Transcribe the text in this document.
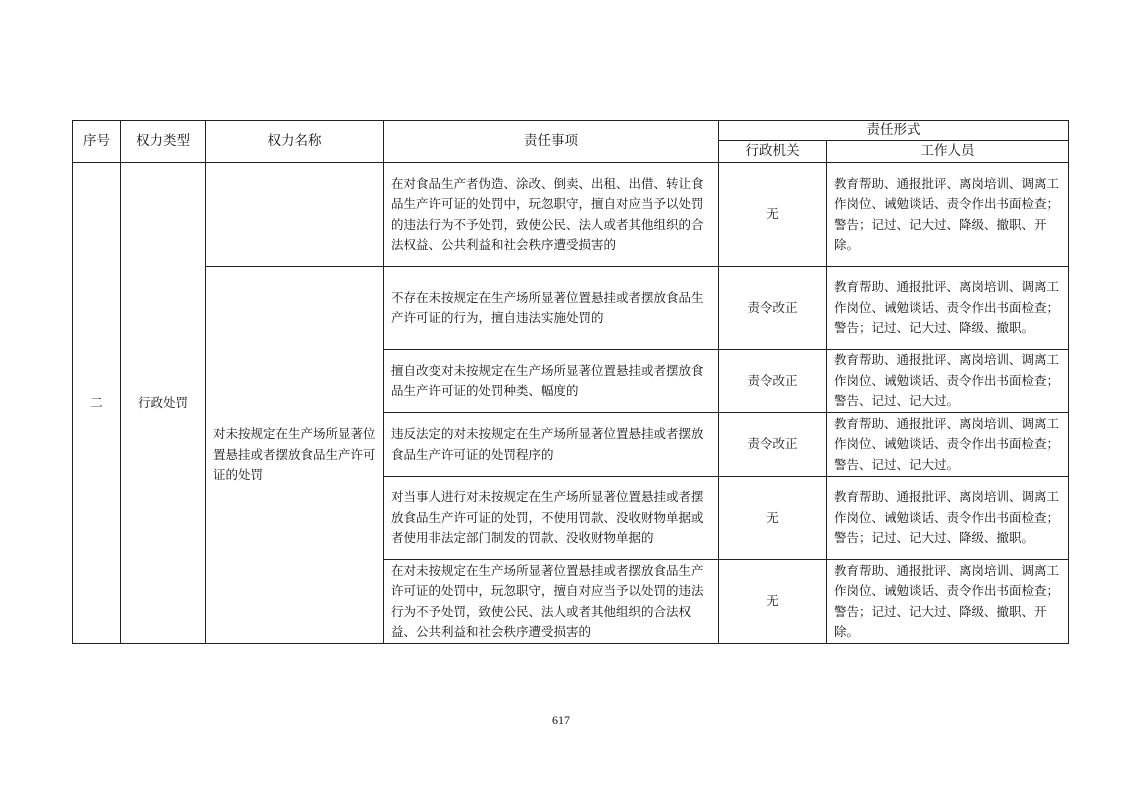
序号	权力类型	权力名称	责任事项	责任形式	
				行政机关	工作人员
二	行政处罚		在对食品生产者伪造、涂改、倒卖、出租、出借、转让食品生产许可证的处罚中，玩忽职守，擅自对应当予以处罚的违法行为不予处罚，致使公民、法人或者其他组织的合法权益、公共利益和社会秩序遭受损害的	无	教育帮助、通报批评、离岗培训、调离工作岗位、诫勉谈话、责令作出书面检查；警告；记过、记大过、降级、撤职、开除。
		对未按规定在生产场所显著位置悬挂或者摆放食品生产许可证的处罚	不存在未按规定在生产场所显著位置悬挂或者摆放食品生产许可证的行为，擅自违法实施处罚的	责令改正	教育帮助、通报批评、离岗培训、调离工作岗位、诫勉谈话、责令作出书面检查；警告；记过、记大过、降级、撤职。
			擅自改变对未按规定在生产场所显著位置悬挂或者摆放食品生产许可证的处罚种类、幅度的	责令改正	教育帮助、通报批评、离岗培训、调离工作岗位、诫勉谈话、责令作出书面检查；警告、记过、记大过。
			违反法定的对未按规定在生产场所显著位置悬挂或者摆放食品生产许可证的处罚程序的	责令改正	教育帮助、通报批评、离岗培训、调离工作岗位、诫勉谈话、责令作出书面检查；警告、记过、记大过。
			对当事人进行对未按规定在生产场所显著位置悬挂或者摆放食品生产许可证的处罚，不使用罚款、没收财物单据或者使用非法定部门制发的罚款、没收财物单据的	无	教育帮助、通报批评、离岗培训、调离工作岗位、诫勉谈话、责令作出书面检查；警告；记过、记大过、降级、撤职。
			在对未按规定在生产场所显著位置悬挂或者摆放食品生产许可证的处罚中，玩忽职守，擅自对应当予以处罚的违法行为不予处罚，致使公民、法人或者其他组织的合法权益、公共利益和社会秩序遭受损害的	无	教育帮助、通报批评、离岗培训、调离工作岗位、诫勉谈话、责令作出书面检查；警告；记过、记大过、降级、撤职、开除。
617
